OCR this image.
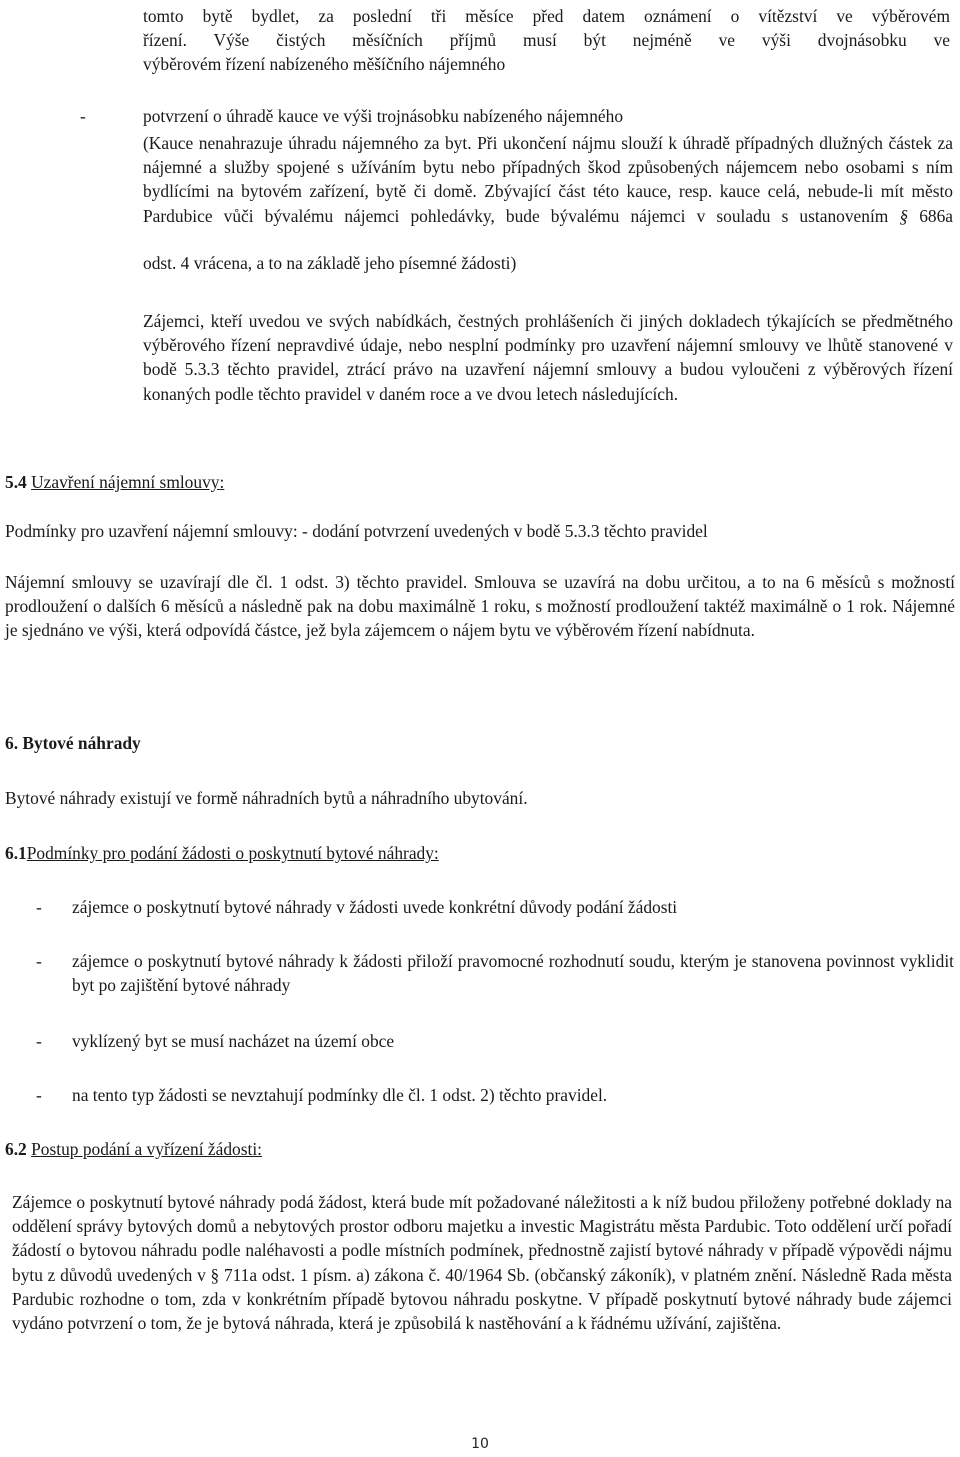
tomto bytě bydlet, za poslední tři měsíce před datem oznámení o vítězství ve výběrovém
řízení. Výše čistých měsíčních příjmů musí být nejméně ve výši dvojnásobku ve
výběrovém řízení nabízeného měšíčního nájemného
-	potvrzení o úhradě kauce ve výši trojnásobku nabízeného nájemného
(Kauce nenahrazuje úhradu nájemného za byt. Při ukončení nájmu slouží k úhradě případných dlužných částek za nájemné a služby spojené s užíváním bytu nebo případných škod způsobených nájemcem nebo osobami s ním bydlícími na bytovém zařízení, bytě či domě. Zbývající část této kauce, resp. kauce celá, nebude-li mít město Pardubice vůči bývalému nájemci pohledávky, bude bývalému nájemci v souladu s ustanovením § 686a
odst. 4 vrácena, a to na základě jeho písemné žádosti)
Zájemci, kteří uvedou ve svých nabídkách, čestných prohlášeních či jiných dokladech týkajících se předmětného výběrového řízení nepravdivé údaje, nebo nesplní podmínky pro uzavření nájemní smlouvy ve lhůtě stanovené v bodě 5.3.3 těchto pravidel, ztrácí právo na uzavření nájemní smlouvy a budou vyloučeni z výběrových řízení konaných podle těchto pravidel v daném roce a ve dvou letech následujících.
5.4 Uzavření nájemní smlouvy:
Podmínky pro uzavření nájemní smlouvy: - dodání potvrzení uvedených v bodě 5.3.3 těchto pravidel
Nájemní smlouvy se uzavírají dle čl. 1 odst. 3) těchto pravidel. Smlouva se uzavírá na dobu určitou, a to na 6 měsíců s možností prodloužení o dalších 6 měsíců a následně pak na dobu maximálně 1 roku, s možností prodloužení taktéž maximálně o 1 rok. Nájemné je sjednáno ve výši, která odpovídá částce, jež byla zájemcem o nájem bytu ve výběrovém řízení nabídnuta.
6. Bytové náhrady
Bytové náhrady existují ve formě náhradních bytů a náhradního ubytování.
6.1Podmínky pro podání žádosti o poskytnutí bytové náhrady:
- zájemce o poskytnutí bytové náhrady v žádosti uvede konkrétní důvody podání žádosti
- zájemce o poskytnutí bytové náhrady k žádosti přiloží pravomocné rozhodnutí soudu, kterým je stanovena povinnost vyklidit byt po zajištění bytové náhrady
- vyklízený byt se musí nacházet na území obce
- na tento typ žádosti se nevztahují podmínky dle čl. 1 odst. 2) těchto pravidel.
6.2 Postup podání a vyřízení žádosti:
Zájemce o poskytnutí bytové náhrady podá žádost, která bude mít požadované náležitosti a k níž budou přiloženy potřebné doklady na oddělení správy bytových domů a nebytových prostor odboru majetku a investic Magistrátu města Pardubic. Toto oddělení určí pořadí žádostí o bytovou náhradu podle naléhavosti a podle místních podmínek, přednostně zajistí bytové náhrady v případě výpovědi nájmu bytu z důvodů uvedených v § 711a odst. 1 písm. a) zákona č. 40/1964 Sb. (občanský zákoník), v platném znění. Následně Rada města Pardubic rozhodne o tom, zda v konkrétním případě bytovou náhradu poskytne. V případě poskytnutí bytové náhrady bude zájemci vydáno potvrzení o tom, že je bytová náhrada, která je způsobilá k nastěhování a k řádnému užívání, zajištěna.
10
